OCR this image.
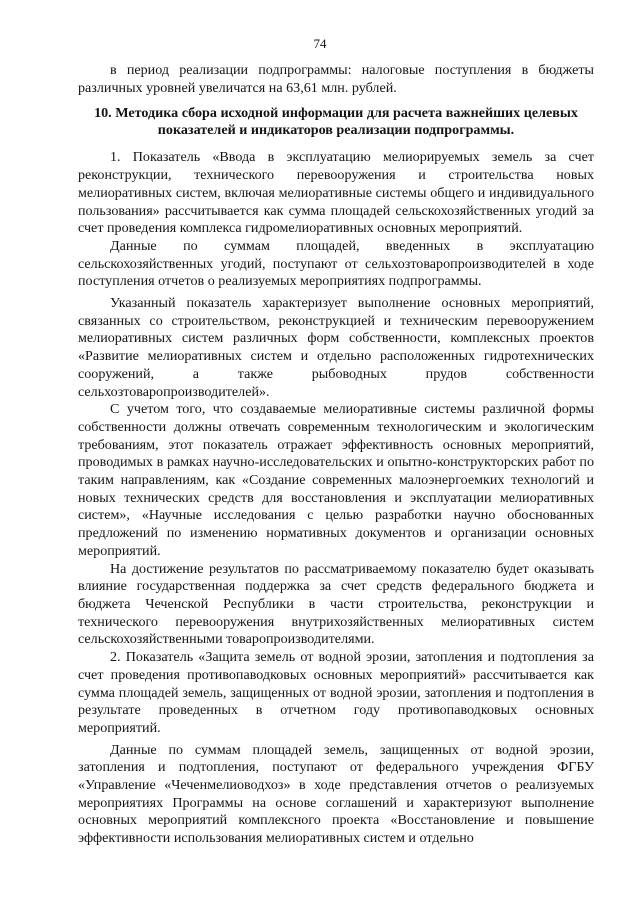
74

в период реализации подпрограммы: налоговые поступления в бюджеты различных уровней увеличатся на 63,61 млн. рублей.

10. Методика сбора исходной информации для расчета важнейших целевых показателей и индикаторов реализации подпрограммы.

1. Показатель «Ввода в эксплуатацию мелиорируемых земель за счет реконструкции, технического перевооружения и строительства новых мелиоративных систем, включая мелиоративные системы общего и индивидуального пользования» рассчитывается как сумма площадей сельскохозяйственных угодий за счет проведения комплекса гидромелиоративных основных мероприятий.

Данные по суммам площадей, введенных в эксплуатацию сельскохозяйственных угодий, поступают от сельхозтоваропроизводителей в ходе поступления отчетов о реализуемых мероприятиях подпрограммы.

Указанный показатель характеризует выполнение основных мероприятий, связанных со строительством, реконструкцией и техническим перевооружением мелиоративных систем различных форм собственности, комплексных проектов «Развитие мелиоративных систем и отдельно расположенных гидротехнических сооружений, а также рыбоводных прудов собственности сельхозтоваропроизводителей».

С учетом того, что создаваемые мелиоративные системы различной формы собственности должны отвечать современным технологическим и экологическим требованиям, этот показатель отражает эффективность основных мероприятий, проводимых в рамках научно-исследовательских и опытно-конструкторских работ по таким направлениям, как «Создание современных малоэнергоемких технологий и новых технических средств для восстановления и эксплуатации мелиоративных систем», «Научные исследования с целью разработки научно обоснованных предложений по изменению нормативных документов и организации основных мероприятий.

На достижение результатов по рассматриваемому показателю будет оказывать влияние государственная поддержка за счет средств федерального бюджета и бюджета Чеченской Республики в части строительства, реконструкции и технического перевооружения внутрихозяйственных мелиоративных систем сельскохозяйственными товаропроизводителями.

2. Показатель «Защита земель от водной эрозии, затопления и подтопления за счет проведения противопаводковых основных мероприятий» рассчитывается как сумма площадей земель, защищенных от водной эрозии, затопления и подтопления в результате проведенных в отчетном году противопаводковых основных мероприятий.

Данные по суммам площадей земель, защищенных от водной эрозии, затопления и подтопления, поступают от федерального учреждения ФГБУ «Управление «Чеченмелиоводхоз» в ходе представления отчетов о реализуемых мероприятиях Программы на основе соглашений и характеризуют выполнение основных мероприятий комплексного проекта «Восстановление и повышение эффективности использования мелиоративных систем и отдельно
